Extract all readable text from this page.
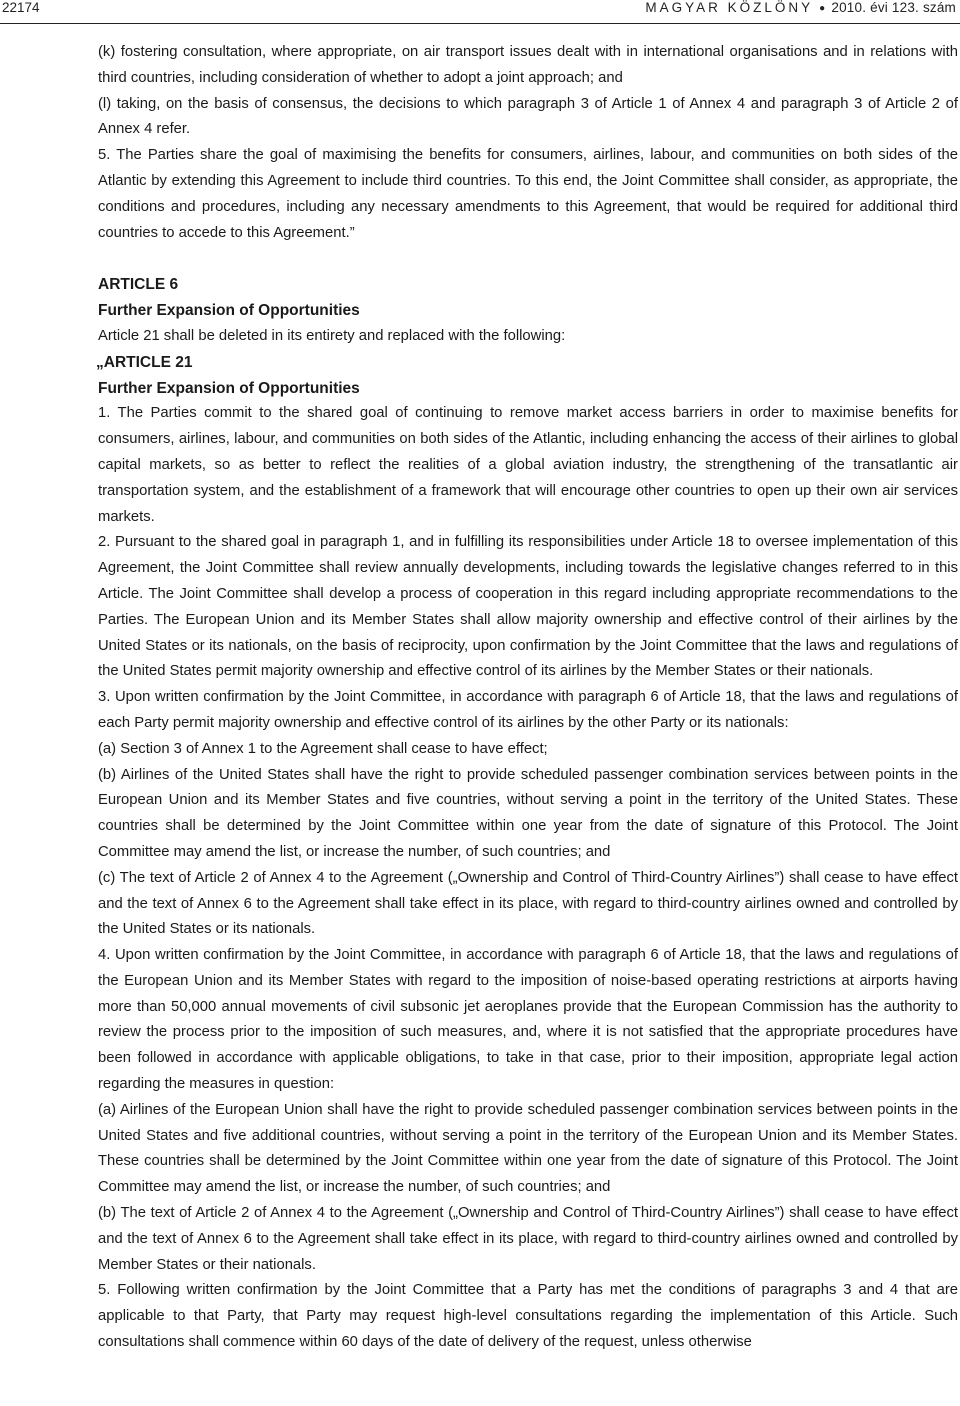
22174	MAGYAR KÖZLÖNY ● 2010. évi 123. szám

(k) fostering consultation, where appropriate, on air transport issues dealt with in international organisations and in relations with third countries, including consideration of whether to adopt a joint approach; and

(l) taking, on the basis of consensus, the decisions to which paragraph 3 of Article 1 of Annex 4 and paragraph 3 of Article 2 of Annex 4 refer.

5. The Parties share the goal of maximising the benefits for consumers, airlines, labour, and communities on both sides of the Atlantic by extending this Agreement to include third countries. To this end, the Joint Committee shall consider, as appropriate, the conditions and procedures, including any necessary amendments to this Agreement, that would be required for additional third countries to accede to this Agreement.”

ARTICLE 6

Further Expansion of Opportunities

Article 21 shall be deleted in its entirety and replaced with the following:

„ARTICLE 21

Further Expansion of Opportunities

1. The Parties commit to the shared goal of continuing to remove market access barriers in order to maximise benefits for consumers, airlines, labour, and communities on both sides of the Atlantic, including enhancing the access of their airlines to global capital markets, so as better to reflect the realities of a global aviation industry, the strengthening of the transatlantic air transportation system, and the establishment of a framework that will encourage other countries to open up their own air services markets.

2. Pursuant to the shared goal in paragraph 1, and in fulfilling its responsibilities under Article 18 to oversee implementation of this Agreement, the Joint Committee shall review annually developments, including towards the legislative changes referred to in this Article. The Joint Committee shall develop a process of cooperation in this regard including appropriate recommendations to the Parties. The European Union and its Member States shall allow majority ownership and effective control of their airlines by the United States or its nationals, on the basis of reciprocity, upon confirmation by the Joint Committee that the laws and regulations of the United States permit majority ownership and effective control of its airlines by the Member States or their nationals.

3. Upon written confirmation by the Joint Committee, in accordance with paragraph 6 of Article 18, that the laws and regulations of each Party permit majority ownership and effective control of its airlines by the other Party or its nationals:

(a) Section 3 of Annex 1 to the Agreement shall cease to have effect;

(b) Airlines of the United States shall have the right to provide scheduled passenger combination services between points in the European Union and its Member States and five countries, without serving a point in the territory of the United States. These countries shall be determined by the Joint Committee within one year from the date of signature of this Protocol. The Joint Committee may amend the list, or increase the number, of such countries; and

(c) The text of Article 2 of Annex 4 to the Agreement („Ownership and Control of Third-Country Airlines”) shall cease to have effect and the text of Annex 6 to the Agreement shall take effect in its place, with regard to third-country airlines owned and controlled by the United States or its nationals.

4. Upon written confirmation by the Joint Committee, in accordance with paragraph 6 of Article 18, that the laws and regulations of the European Union and its Member States with regard to the imposition of noise-based operating restrictions at airports having more than 50,000 annual movements of civil subsonic jet aeroplanes provide that the European Commission has the authority to review the process prior to the imposition of such measures, and, where it is not satisfied that the appropriate procedures have been followed in accordance with applicable obligations, to take in that case, prior to their imposition, appropriate legal action regarding the measures in question:

(a) Airlines of the European Union shall have the right to provide scheduled passenger combination services between points in the United States and five additional countries, without serving a point in the territory of the European Union and its Member States. These countries shall be determined by the Joint Committee within one year from the date of signature of this Protocol. The Joint Committee may amend the list, or increase the number, of such countries; and

(b) The text of Article 2 of Annex 4 to the Agreement („Ownership and Control of Third-Country Airlines”) shall cease to have effect and the text of Annex 6 to the Agreement shall take effect in its place, with regard to third-country airlines owned and controlled by Member States or their nationals.

5. Following written confirmation by the Joint Committee that a Party has met the conditions of paragraphs 3 and 4 that are applicable to that Party, that Party may request high-level consultations regarding the implementation of this Article. Such consultations shall commence within 60 days of the date of delivery of the request, unless otherwise
